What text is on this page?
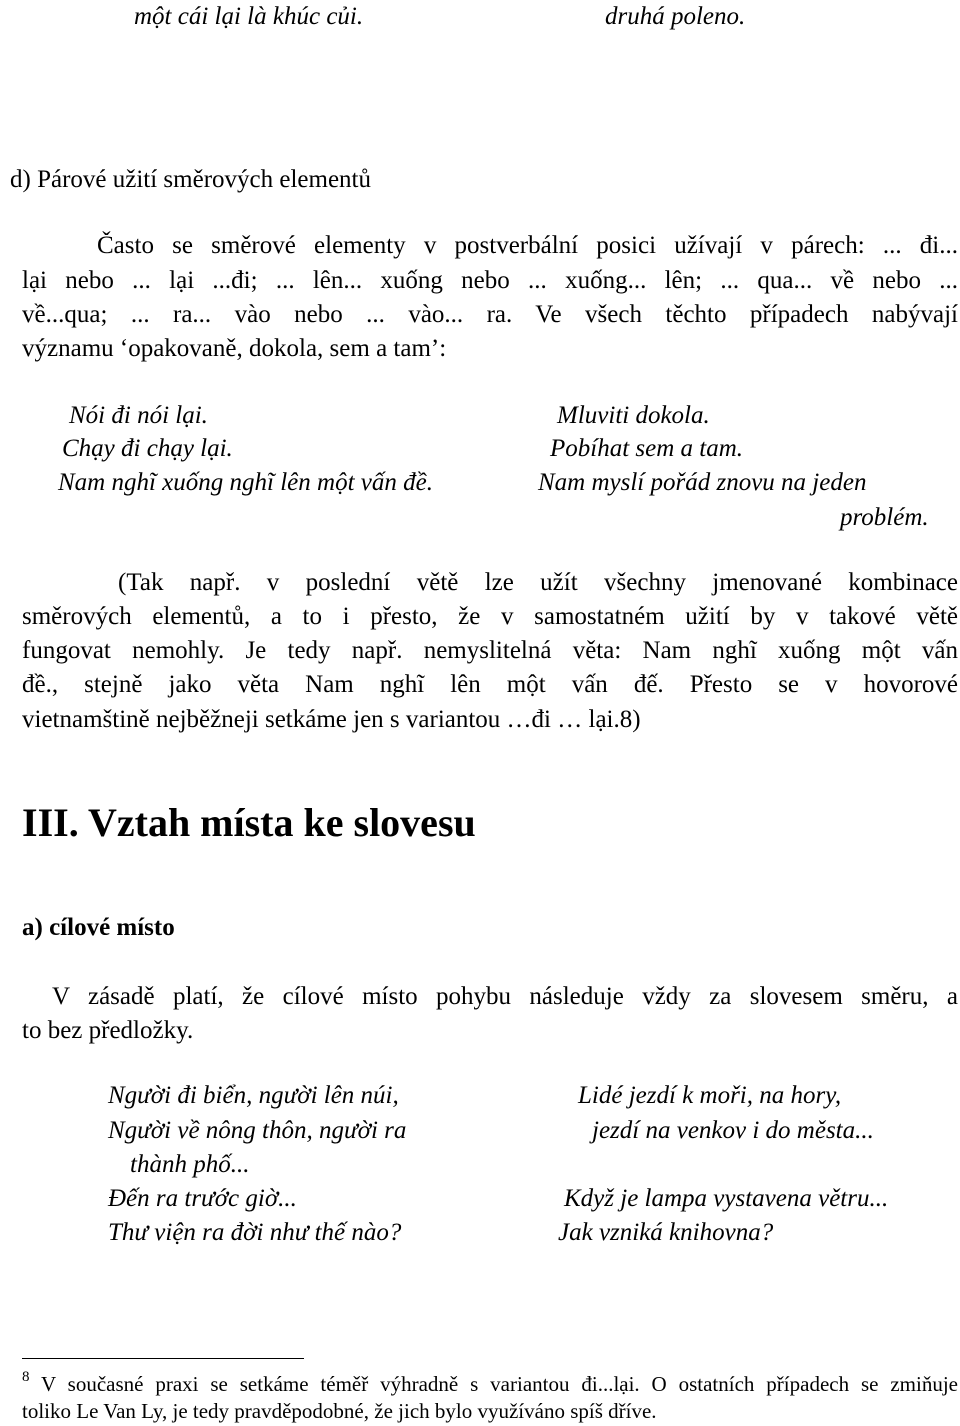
một cái lại là khúc củi.	druhá poleno.
d) Párové užití směrových elementů
Často se směrové elementy v postverbální posici užívají v párech: ... đi...
lại nebo ... lại ...đi; ... lên... xuống nebo ... xuống... lên; ... qua... về nebo ...
về...qua; ... ra... vào nebo ... vào... ra. Ve všech těchto případech nabývají
významu ‘opakovaně, dokola, sem a tam’:
Nói đi nói lại.	Mluviti dokola.
Chạy đi chạy lại.	Pobíhat sem a tam.
Nam nghĩ xuống nghĩ lên một vấn đề.	Nam myslí pořád znovu na jeden
problém.
(Tak např. v poslední větě lze užít všechny jmenované kombinace
směrových elementů, a to i přesto, že v samostatném užití by v takové větě
fungovat nemohly. Je tedy např. nemyslitelná věta: Nam nghĩ xuống một vấn
đề., stejně jako věta Nam nghĩ lên một vấn đế. Přesto se v hovorové
vietnamštině nejběžneji setkáme jen s variantou …đi … lại.8)
III. Vztah místa ke slovesu
a) cílové místo
V zásadě platí, že cílové místo pohybu následuje vždy za slovesem směru, a
to bez předložky.
Người đi biển, người lên núi,	Lidé jezdí k moři, na hory,
Người về nông thôn, người ra	jezdí na venkov i do města...
thành phố...
Đến ra trước giờ...	Když je lampa vystavena větru...
Thư viện ra đời như thế nào?	Jak vzniká knihovna?
$^8$ V současné praxi se setkáme téměř výhradně s variantou đi...lại. O ostatních případech se zmiňuje
toliko Le Van Ly, je tedy pravděpodobné, že jich bylo využíváno spíš dříve.
